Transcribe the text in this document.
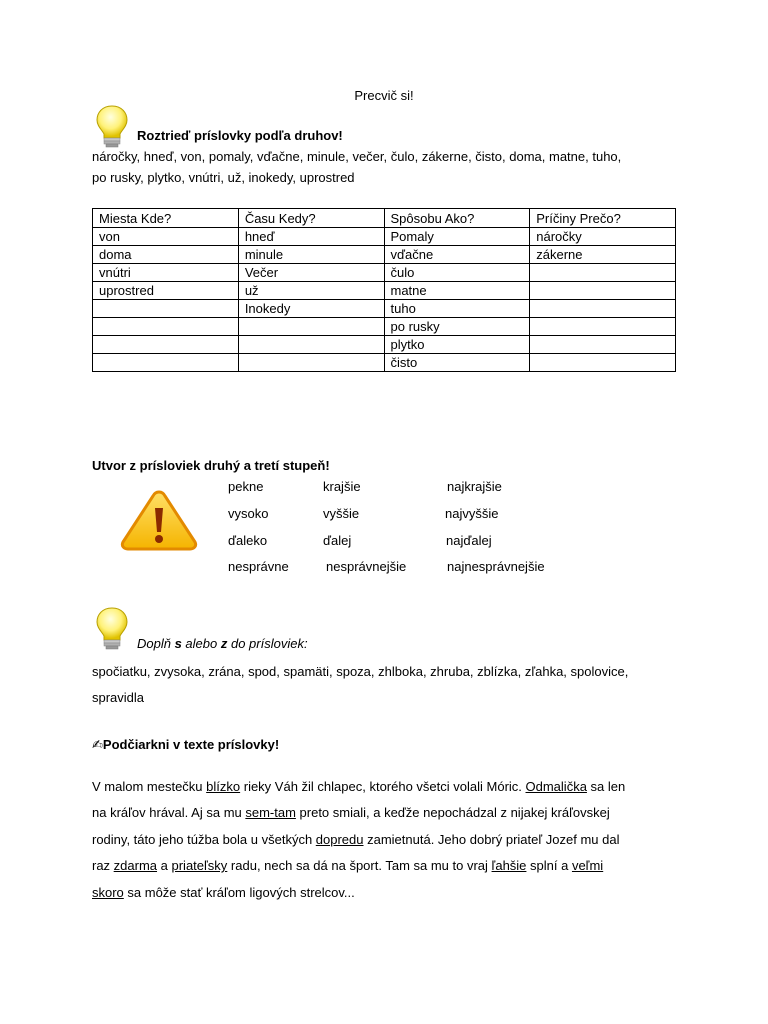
Precvič si!
Roztrieď príslovky podľa druhov!
náročky, hneď, von, pomaly, vďačne, minule, večer, čulo, zákerne, čisto, doma, matne, tuho,
po rusky, plytko, vnútri, už, inokedy, uprostred
Miesta Kde?	Času Kedy?	Spôsobu Ako?	Príčiny Prečo?
von	hneď	Pomaly	náročky
doma	minule	vďačne	zákerne
vnútri	Večer	čulo	
uprostred	už	matne	
	Inokedy	tuho	
		po rusky	
		plytko	
		čisto	
Utvor z prísloviek druhý a tretí stupeň!
pekne	krajšie	najkrajšie
vysoko	vyššie	najvyššie
ďaleko	ďalej	najďalej
nesprávne	nesprávnejšie	najnesprávnejšie
Doplň s alebo z do prísloviek:
spočiatku, zvysoka, zrána, spod, spamäti, spoza, zhlboka, zhruba, zblízka, zľahka, spolovice,
spravidla
✍Podčiarkni v texte príslovky!
V malom mestečku blízko rieky Váh žil chlapec, ktorého všetci volali Móric. Odmalička sa len
na kráľov hrával. Aj sa mu sem-tam preto smiali, a keďže nepochádzal z nijakej kráľovskej
rodiny, táto jeho túžba bola u všetkých dopredu zamietnutá. Jeho dobrý priateľ Jozef mu dal
raz zdarma a priateľsky radu, nech sa dá na šport. Tam sa mu to vraj ľahšie splní a veľmi
skoro sa môže stať kráľom ligových strelcov...
